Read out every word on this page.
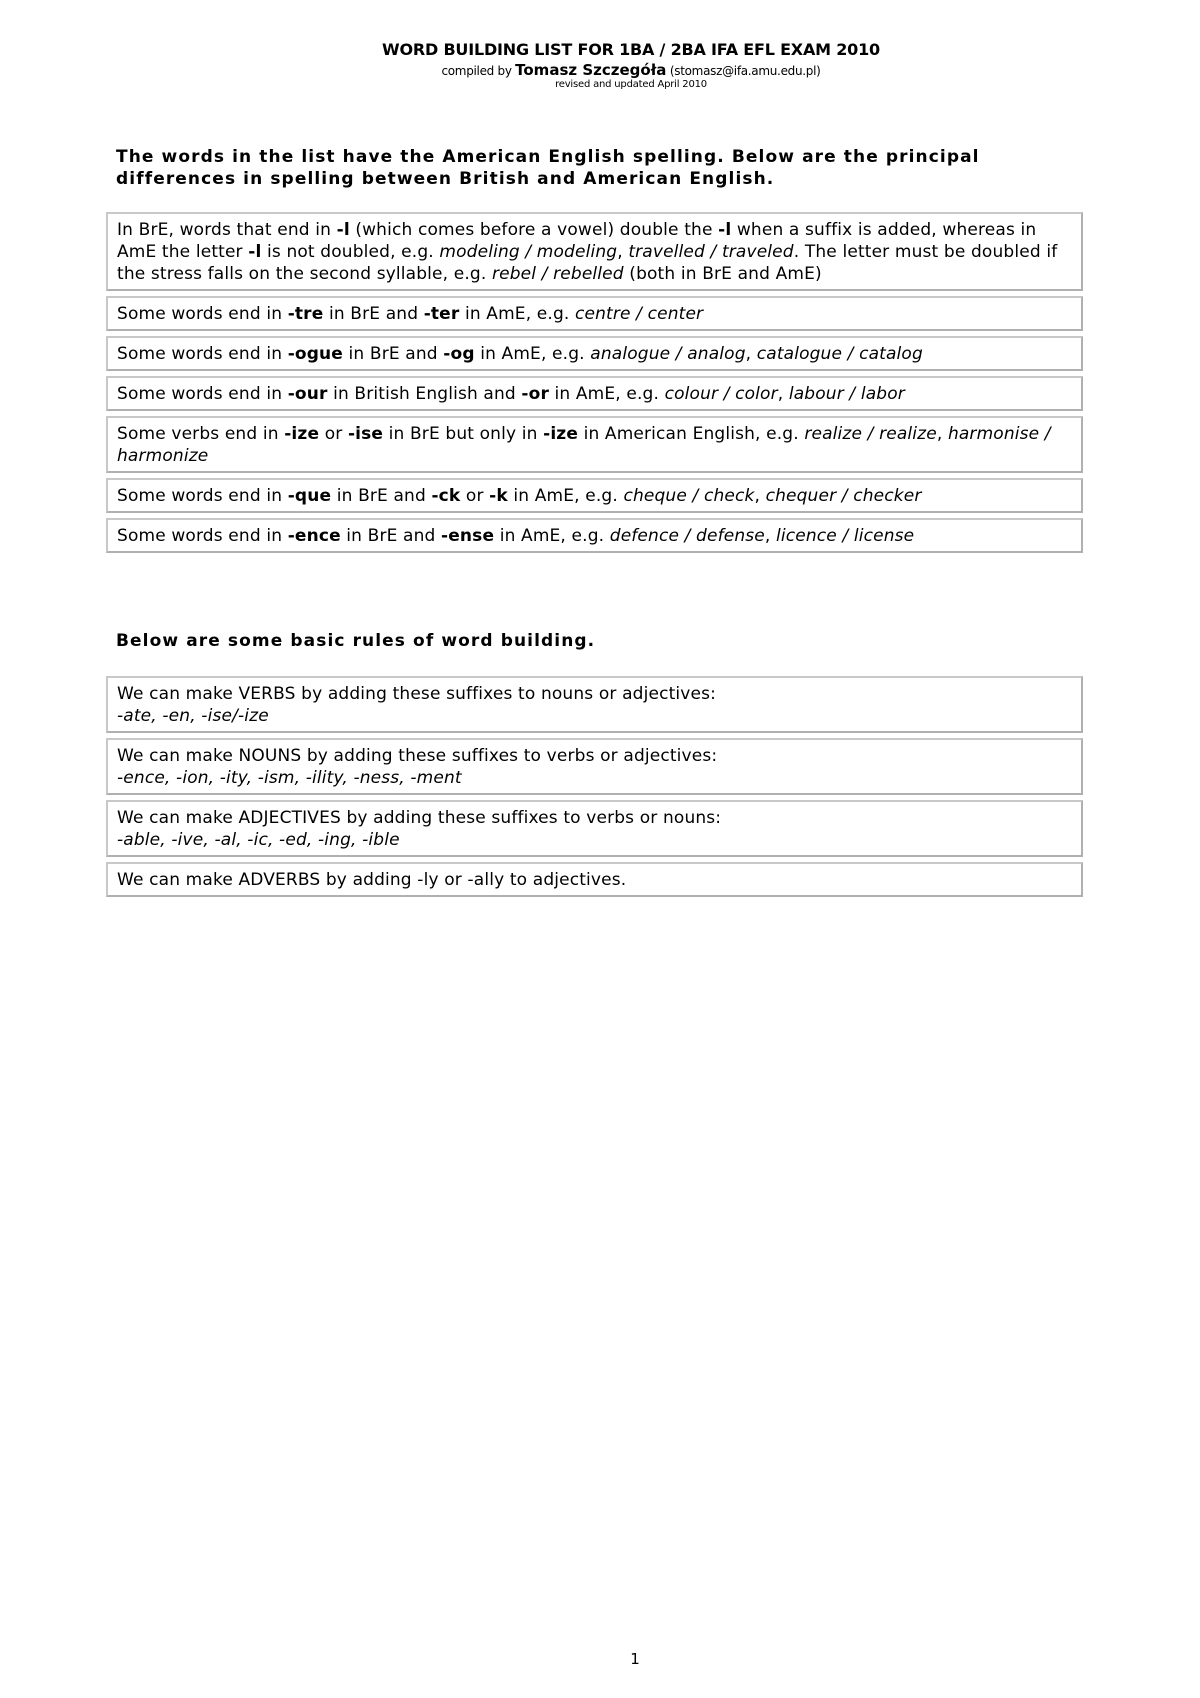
WORD BUILDING LIST FOR 1BA / 2BA IFA EFL EXAM 2010
compiled by Tomasz Szczegóła (stomasz@ifa.amu.edu.pl)
revised and updated April 2010
The words in the list have the American English spelling. Below are the principal differences in spelling between British and American English.
In BrE, words that end in -l (which comes before a vowel) double the -l when a suffix is added, whereas in AmE the letter -l is not doubled, e.g. modeling / modeling, travelled / traveled. The letter must be doubled if the stress falls on the second syllable, e.g. rebel / rebelled (both in BrE and AmE)
Some words end in -tre in BrE and -ter in AmE, e.g. centre / center
Some words end in -ogue in BrE and -og in AmE, e.g. analogue / analog, catalogue / catalog
Some words end in -our in British English and -or in AmE, e.g. colour / color, labour / labor
Some verbs end in -ize or -ise in BrE but only in -ize in American English, e.g. realize / realize, harmonise / harmonize
Some words end in -que in BrE and -ck or -k in AmE, e.g. cheque / check, chequer / checker
Some words end in -ence in BrE and -ense in AmE, e.g. defence / defense, licence / license
Below are some basic rules of word building.
We can make VERBS by adding these suffixes to nouns or adjectives:
-ate, -en, -ise/-ize
We can make NOUNS by adding these suffixes to verbs or adjectives:
-ence, -ion, -ity, -ism, -ility, -ness, -ment
We can make ADJECTIVES by adding these suffixes to verbs or nouns:
-able, -ive, -al, -ic, -ed, -ing, -ible
We can make ADVERBS by adding -ly or -ally to adjectives.
1
